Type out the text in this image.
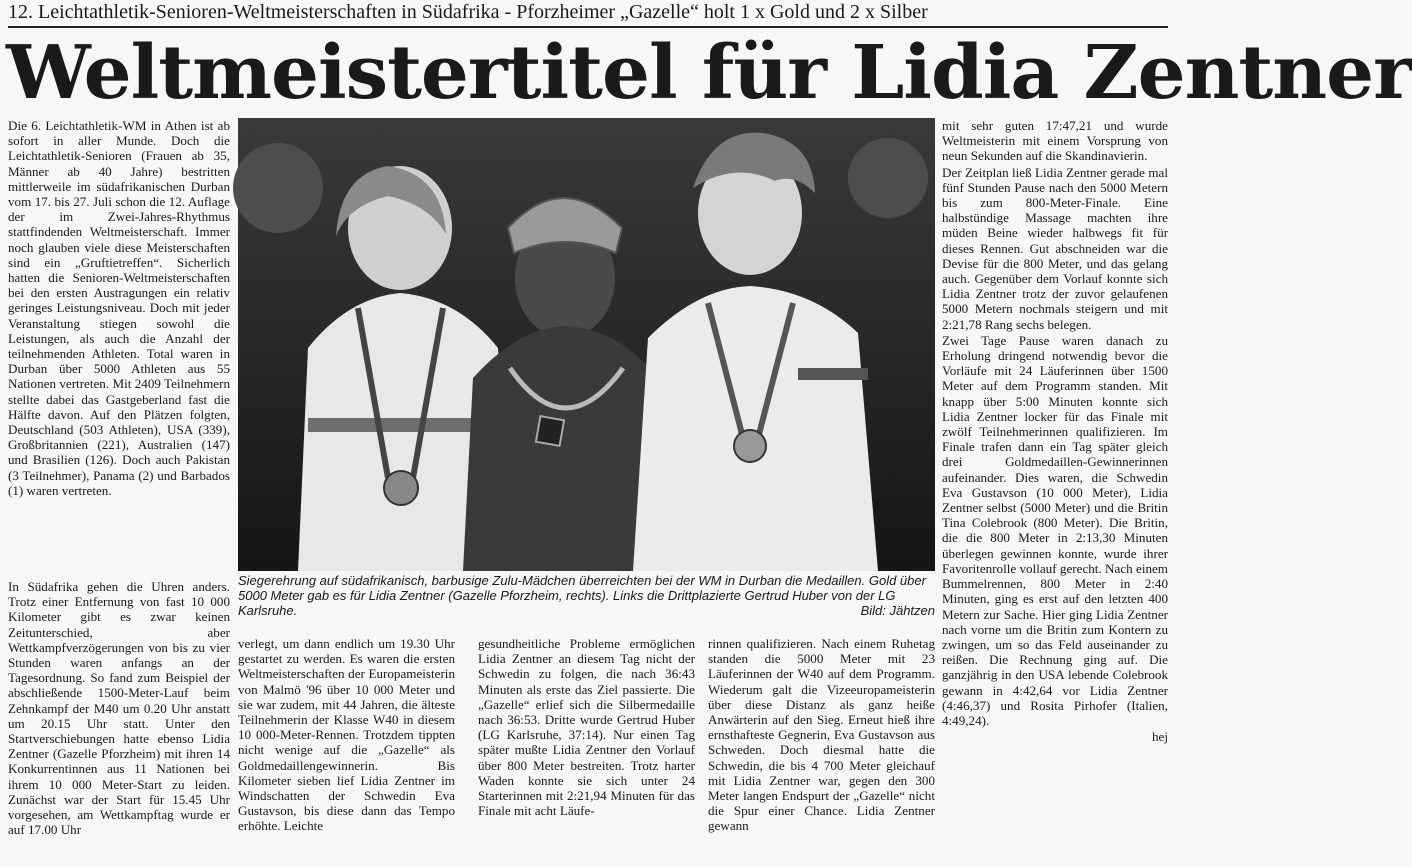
12. Leichtathletik-Senioren-Weltmeisterschaften in Südafrika - Pforzheimer „Gazelle“ holt 1 x Gold und 2 x Silber
Weltmeistertitel für Lidia Zentner

Die 6. Leichtathletik-WM in Athen ist ab sofort in aller Munde. Doch die Leichtathletik-Senioren (Frauen ab 35, Männer ab 40 Jahre) bestritten mittlerweile im südafrikanischen Durban vom 17. bis 27. Juli schon die 12. Auflage der im Zwei-Jahres-Rhythmus stattfindenden Weltmeisterschaft. Immer noch glauben viele diese Meisterschaften sind ein „Gruftietreffen“. Sicherlich hatten die Senioren-Weltmeisterschaften bei den ersten Austragungen ein relativ geringes Leistungsniveau. Doch mit jeder Veranstaltung stiegen sowohl die Leistungen, als auch die Anzahl der teilnehmenden Athleten. Total waren in Durban über 5000 Athleten aus 55 Nationen vertreten. Mit 2409 Teilnehmern stellte dabei das Gastgeberland fast die Hälfte davon. Auf den Plätzen folgten, Deutschland (503 Athleten), USA (339), Großbritannien (221), Australien (147) und Brasilien (126). Doch auch Pakistan (3 Teilnehmer), Panama (2) und Barbados (1) waren vertreten.

In Südafrika gehen die Uhren anders. Trotz einer Entfernung von fast 10 000 Kilometer gibt es zwar keinen Zeitunterschied, aber Wettkampfverzögerungen von bis zu vier Stunden waren anfangs an der Tagesordnung. So fand zum Beispiel der abschließende 1500-Meter-Lauf beim Zehnkampf der M40 um 0.20 Uhr anstatt um 20.15 Uhr statt. Unter den Startverschiebungen hatte ebenso Lidia Zentner (Gazelle Pforzheim) mit ihren 14 Konkurrentinnen aus 11 Nationen bei ihrem 10 000 Meter-Start zu leiden. Zunächst war der Start für 15.45 Uhr vorgesehen, am Wettkampftag wurde er auf 17.00 Uhr

Siegerehrung auf südafrikanisch, barbusige Zulu-Mädchen überreichten bei der WM in Durban die Medaillen. Gold über 5000 Meter gab es für Lidia Zentner (Gazelle Pforzheim, rechts). Links die Drittplazierte Gertrud Huber von der LG Karlsruhe.	Bild: Jähtzen

verlegt, um dann endlich um 19.30 Uhr gestartet zu werden. Es waren die ersten Weltmeisterschaften der Europameisterin von Malmö '96 über 10 000 Meter und sie war zudem, mit 44 Jahren, die älteste Teilnehmerin der Klasse W40 in diesem 10 000-Meter-Rennen. Trotzdem tippten nicht wenige auf die „Gazelle“ als Goldmedaillengewinnerin. Bis Kilometer sieben lief Lidia Zentner im Windschatten der Schwedin Eva Gustavson, bis diese dann das Tempo erhöhte. Leichte

gesundheitliche Probleme ermöglichen Lidia Zentner an diesem Tag nicht der Schwedin zu folgen, die nach 36:43 Minuten als erste das Ziel passierte. Die „Gazelle“ erlief sich die Silbermedaille nach 36:53. Dritte wurde Gertrud Huber (LG Karlsruhe, 37:14). Nur einen Tag später mußte Lidia Zentner den Vorlauf über 800 Meter bestreiten. Trotz harter Waden konnte sie sich unter 24 Starterinnen mit 2:21,94 Minuten für das Finale mit acht Läufe-

rinnen qualifizieren. Nach einem Ruhetag standen die 5000 Meter mit 23 Läuferinnen der W40 auf dem Programm. Wiederum galt die Vizeeuropameisterin über diese Distanz als ganz heiße Anwärterin auf den Sieg. Erneut hieß ihre ernsthafteste Gegnerin, Eva Gustavson aus Schweden. Doch diesmal hatte die Schwedin, die bis 4 700 Meter gleichauf mit Lidia Zentner war, gegen den 300 Meter langen Endspurt der „Gazelle“ nicht die Spur einer Chance. Lidia Zentner gewann

mit sehr guten 17:47,21 und wurde Weltmeisterin mit einem Vorsprung von neun Sekunden auf die Skandinavierin.

Der Zeitplan ließ Lidia Zentner gerade mal fünf Stunden Pause nach den 5000 Metern bis zum 800-Meter-Finale. Eine halbstündige Massage machten ihre müden Beine wieder halbwegs fit für dieses Rennen. Gut abschneiden war die Devise für die 800 Meter, und das gelang auch. Gegenüber dem Vorlauf konnte sich Lidia Zentner trotz der zuvor gelaufenen 5000 Metern nochmals steigern und mit 2:21,78 Rang sechs belegen.

Zwei Tage Pause waren danach zu Erholung dringend notwendig bevor die Vorläufe mit 24 Läuferinnen über 1500 Meter auf dem Programm standen. Mit knapp über 5:00 Minuten konnte sich Lidia Zentner locker für das Finale mit zwölf Teilnehmerinnen qualifizieren. Im Finale trafen dann ein Tag später gleich drei Goldmedaillen-Gewinnerinnen aufeinander. Dies waren, die Schwedin Eva Gustavson (10 000 Meter), Lidia Zentner selbst (5000 Meter) und die Britin Tina Colebrook (800 Meter). Die Britin, die die 800 Meter in 2:13,30 Minuten überlegen gewinnen konnte, wurde ihrer Favoritenrolle vollauf gerecht. Nach einem Bummelrennen, 800 Meter in 2:40 Minuten, ging es erst auf den letzten 400 Metern zur Sache. Hier ging Lidia Zentner nach vorne um die Britin zum Kontern zu zwingen, um so das Feld auseinander zu reißen. Die Rechnung ging auf. Die ganzjährig in den USA lebende Colebrook gewann in 4:42,64 vor Lidia Zentner (4:46,37) und Rosita Pirhofer (Italien, 4:49,24).

hej
